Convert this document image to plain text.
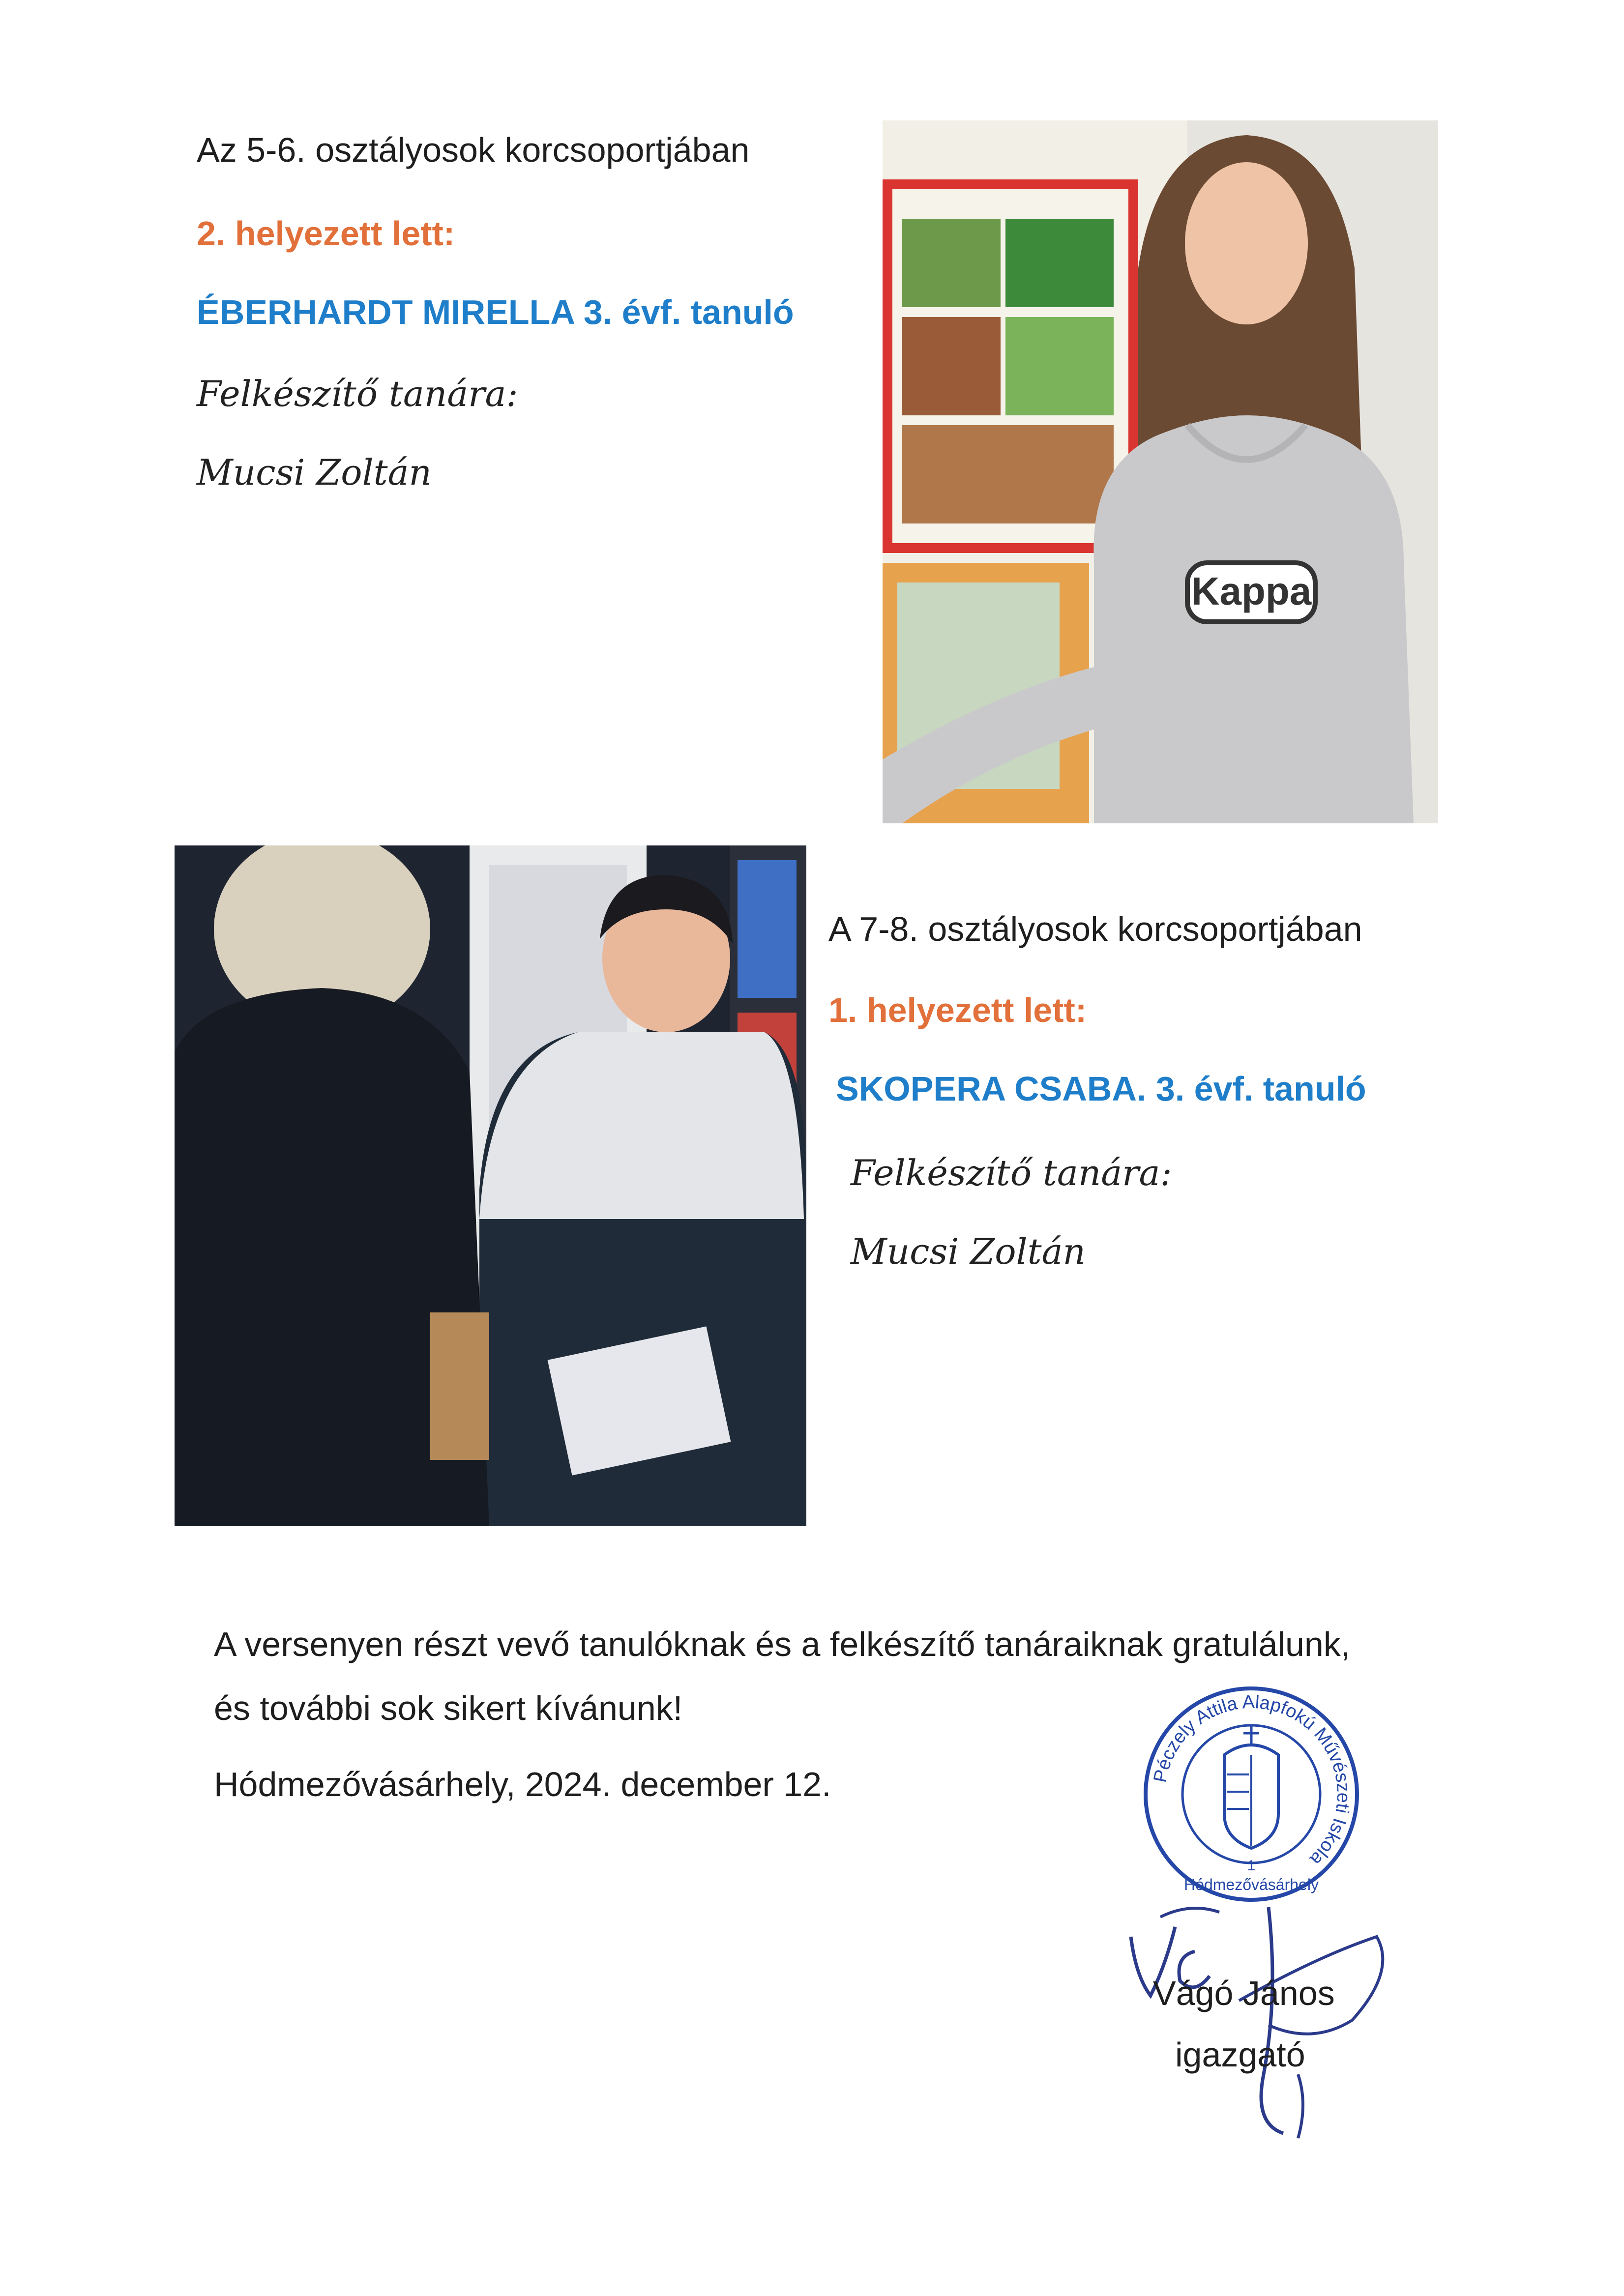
Az 5-6. osztályosok korcsoportjában
2. helyezett lett:
ÉBERHARDT MIRELLA 3. évf. tanuló
Felkészítő tanára:
Mucsi Zoltán
Kappa
A 7-8. osztályosok korcsoportjában
1. helyezett lett:
SKOPERA CSABA. 3. évf. tanuló
Felkészítő tanára:
Mucsi Zoltán
A versenyen részt vevő tanulóknak és a felkészítő tanáraiknak gratulálunk,
és további sok sikert kívánunk!
Hódmezővásárhely, 2024. december 12.	Péczely Attila Alapfokú Művészeti Iskola
1
Hódmezővásárhely
Vágó János
igazgató
